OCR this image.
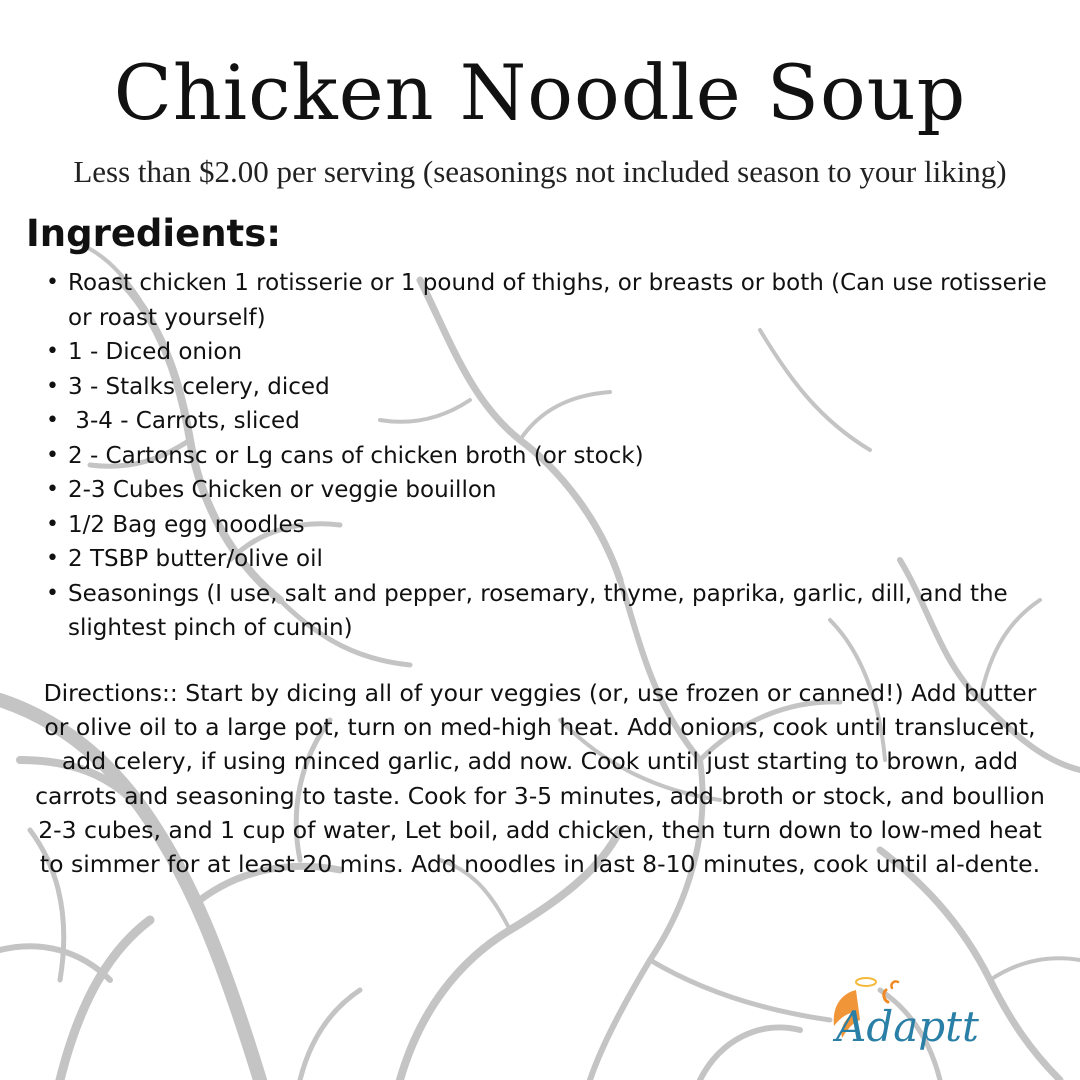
Chicken Noodle Soup

Less than $2.00 per serving (seasonings not included season to your liking)

Ingredients:
• Roast chicken 1 rotisserie or 1 pound of thighs, or breasts or both (Can use rotisserie or roast yourself)
• 1 - Diced onion
• 3 - Stalks celery, diced
•  3-4 - Carrots, sliced
• 2 - Cartonsc or Lg cans of chicken broth (or stock)
• 2-3 Cubes Chicken or veggie bouillon
• 1/2 Bag egg noodles
• 2 TSBP butter/olive oil
• Seasonings (I use, salt and pepper, rosemary, thyme, paprika, garlic, dill, and the slightest pinch of cumin)

Directions:: Start by dicing all of your veggies (or, use frozen or canned!) Add butter or olive oil to a large pot, turn on med-high heat. Add onions, cook until translucent, add celery, if using minced garlic, add now. Cook until just starting to brown, add carrots and seasoning to taste. Cook for 3-5 minutes, add broth or stock, and boullion 2-3 cubes, and 1 cup of water, Let boil, add chicken, then turn down to low-med heat to simmer for at least 20 mins. Add noodles in last 8-10 minutes, cook until al-dente.

Adaptt
